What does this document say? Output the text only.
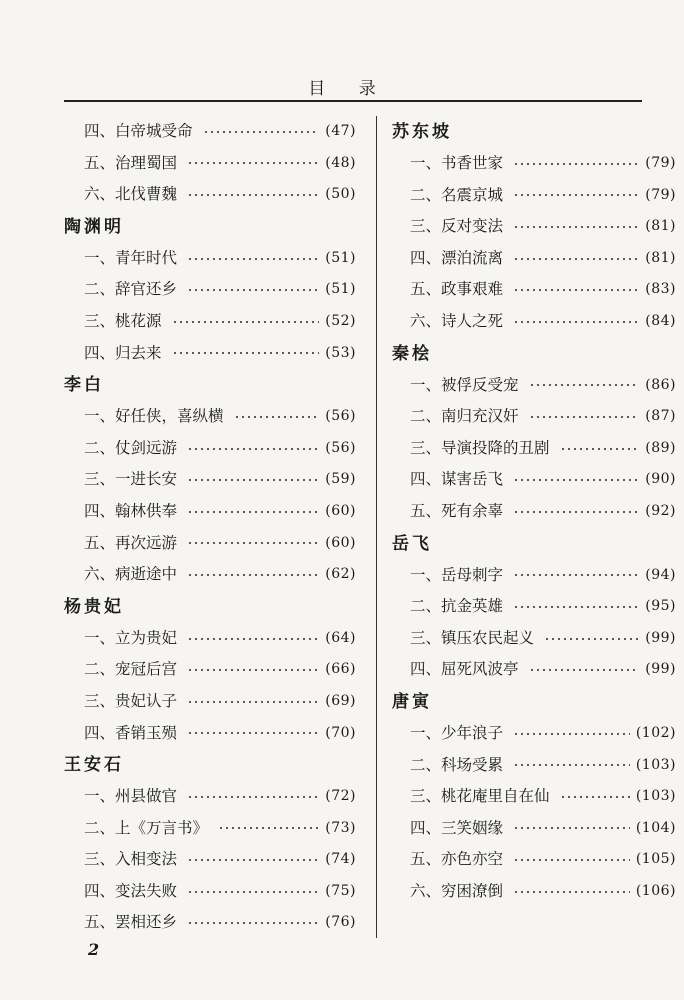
目 录
四、 白帝城受命	(47)
五、 治理蜀国	(48)
六、 北伐曹魏	(50)
陶渊明
一、 青年时代	(51)
二、 辞官还乡	(51)
三、 桃花源	(52)
四、 归去来	(53)
李白
一、 好任侠，喜纵横	(56)
二、 仗剑远游	(56)
三、 一进长安	(59)
四、 翰林供奉	(60)
五、 再次远游	(60)
六、 病逝途中	(62)
杨贵妃
一、 立为贵妃	(64)
二、 宠冠后宫	(66)
三、 贵妃认子	(69)
四、 香销玉殒	(70)
王安石
一、 州县做官	(72)
二、 上《万言书》	(73)
三、 入相变法	(74)
四、 变法失败	(75)
五、 罢相还乡	(76)
苏东坡
一、 书香世家	(79)
二、 名震京城	(79)
三、 反对变法	(81)
四、 漂泊流离	(81)
五、 政事艰难	(83)
六、 诗人之死	(84)
秦桧
一、 被俘反受宠	(86)
二、 南归充汉奸	(87)
三、 导演投降的丑剧	(89)
四、 谋害岳飞	(90)
五、 死有余辜	(92)
岳飞
一、 岳母刺字	(94)
二、 抗金英雄	(95)
三、 镇压农民起义	(99)
四、 屈死风波亭	(99)
唐寅
一、 少年浪子	(102)
二、 科场受累	(103)
三、 桃花庵里自在仙	(103)
四、 三笑姻缘	(104)
五、 亦色亦空	(105)
六、 穷困潦倒	(106)
2
